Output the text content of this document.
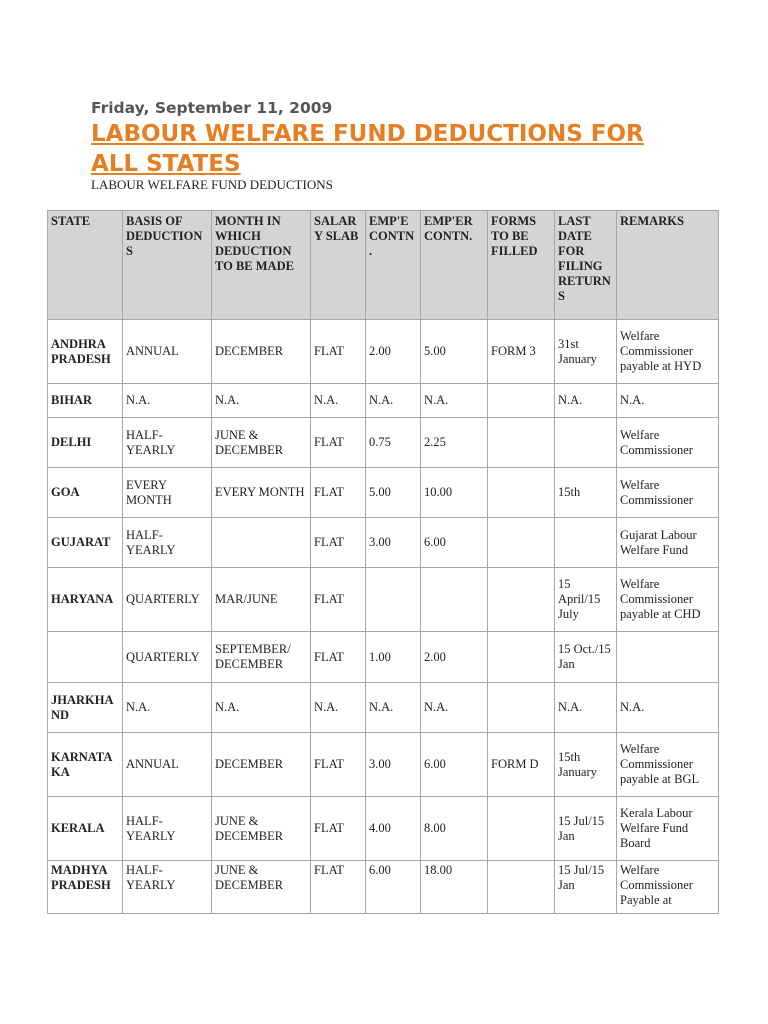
Friday, September 11, 2009
LABOUR WELFARE FUND DEDUCTIONS FOR ALL STATES
LABOUR WELFARE FUND DEDUCTIONS
STATE	BASIS OF DEDUCTIONS	MONTH IN WHICH DEDUCTION TO BE MADE	SALARY SLAB	EMP'E CONTN.	EMP'ER CONTN.	FORMS TO BE FILLED	LAST DATE FOR FILING RETURNS	REMARKS
ANDHRA PRADESH	ANNUAL	DECEMBER	FLAT	2.00	5.00	FORM 3	31st January	Welfare Commissioner payable at HYD
BIHAR	N.A.	N.A.	N.A.	N.A.	N.A.		N.A.	N.A.
DELHI	HALF-YEARLY	JUNE & DECEMBER	FLAT	0.75	2.25			Welfare Commissioner
GOA	EVERY MONTH	EVERY MONTH	FLAT	5.00	10.00		15th	Welfare Commissioner
GUJARAT	HALF-YEARLY		FLAT	3.00	6.00			Gujarat Labour Welfare Fund
HARYANA	QUARTERLY	MAR/JUNE	FLAT				15 April/15 July	Welfare Commissioner payable at CHD
	QUARTERLY	SEPTEMBER/ DECEMBER	FLAT	1.00	2.00		15 Oct./15 Jan	
JHARKHAND	N.A.	N.A.	N.A.	N.A.	N.A.		N.A.	N.A.
KARNATAKA	ANNUAL	DECEMBER	FLAT	3.00	6.00	FORM D	15th January	Welfare Commissioner payable at BGL
KERALA	HALF-YEARLY	JUNE & DECEMBER	FLAT	4.00	8.00		15 Jul/15 Jan	Kerala Labour Welfare Fund Board
MADHYA PRADESH	HALF-YEARLY	JUNE & DECEMBER	FLAT	6.00	18.00		15 Jul/15 Jan	Welfare Commissioner Payable at
